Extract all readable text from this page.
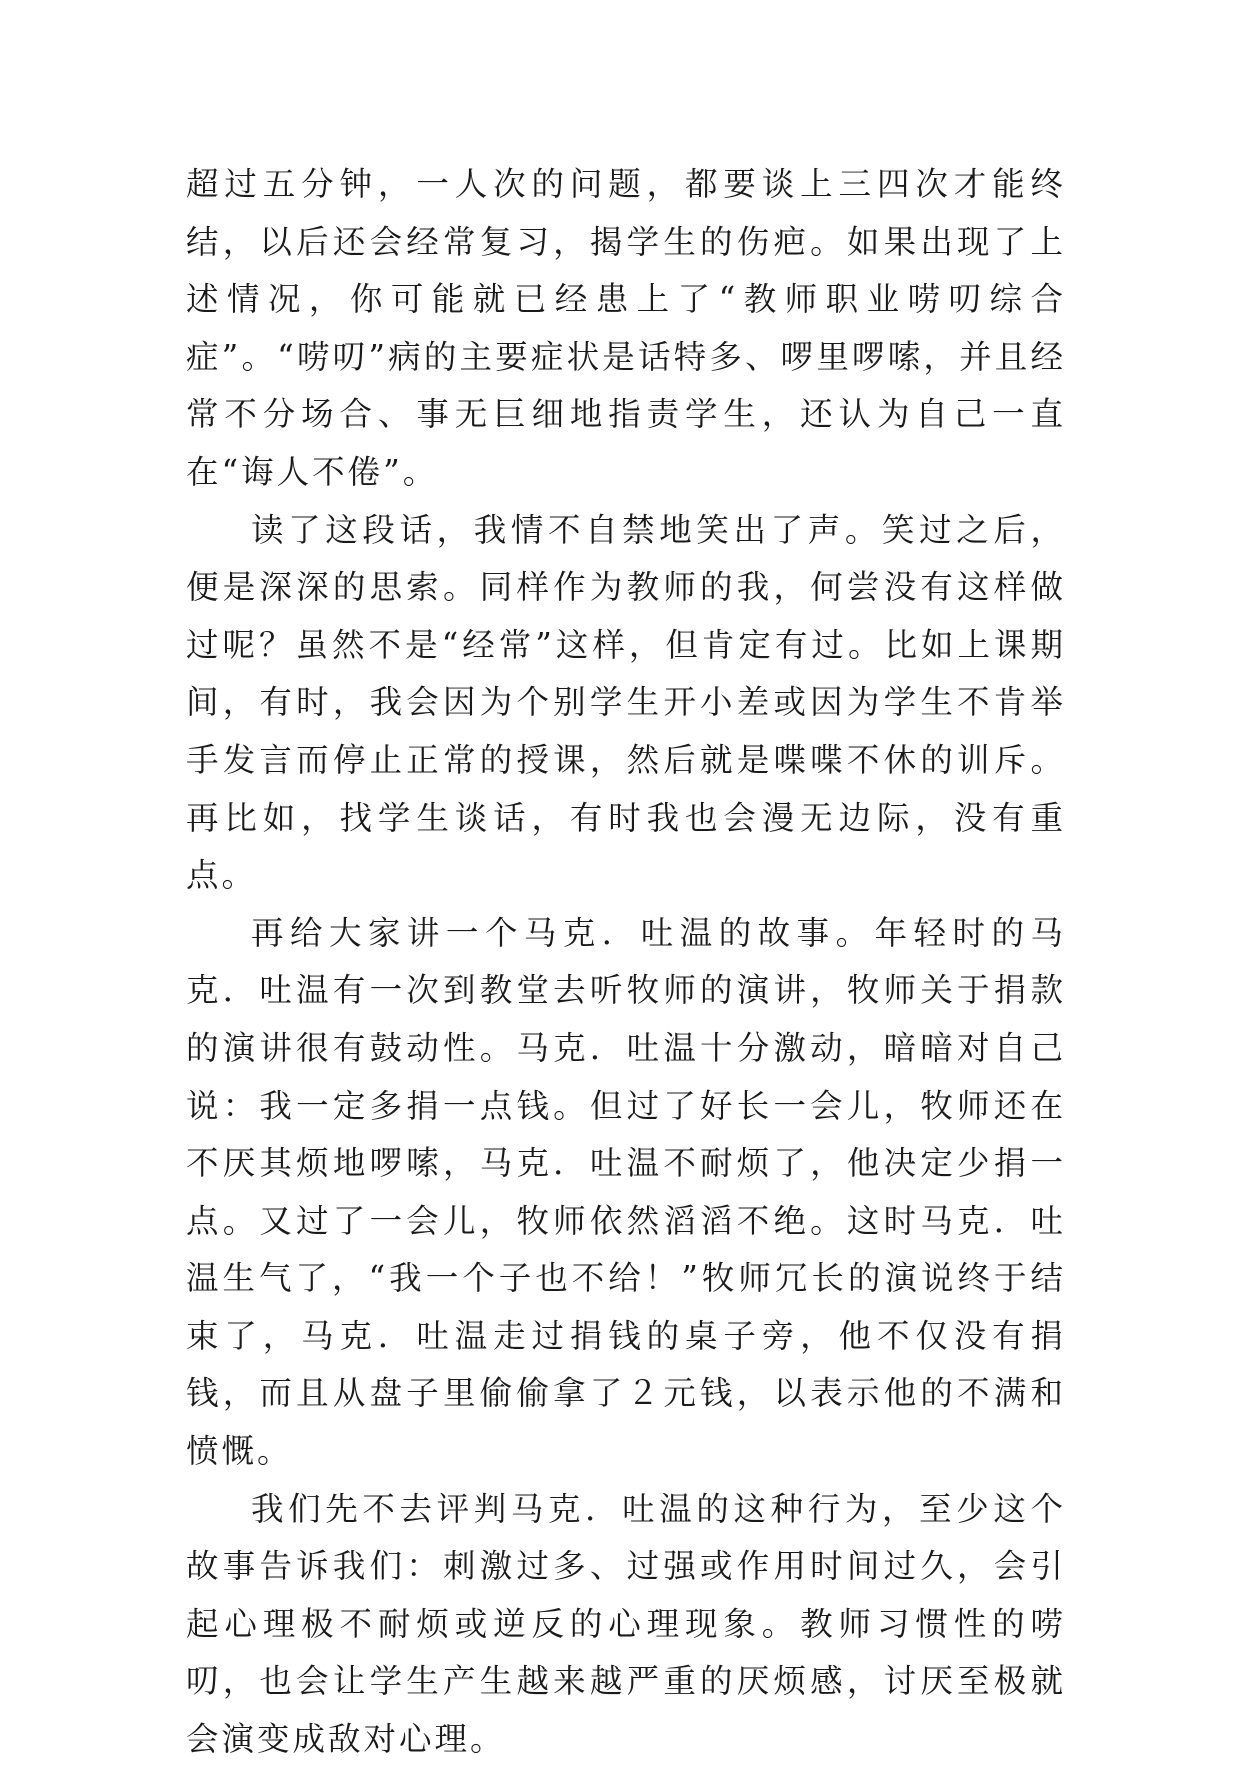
超过五分钟，一人次的问题，都要谈上三四次才能终结，以后还会经常复习，揭学生的伤疤。如果出现了上述情况，你可能就已经患上了“教师职业唠叨综合症”。“唠叨”病的主要症状是话特多、啰里啰嗦，并且经常不分场合、事无巨细地指责学生，还认为自己一直在“诲人不倦”。

读了这段话，我情不自禁地笑出了声。笑过之后，便是深深的思索。同样作为教师的我，何尝没有这样做过呢？虽然不是“经常”这样，但肯定有过。比如上课期间，有时，我会因为个别学生开小差或因为学生不肯举手发言而停止正常的授课，然后就是喋喋不休的训斥。再比如，找学生谈话，有时我也会漫无边际，没有重点。

再给大家讲一个马克．吐温的故事。年轻时的马克．吐温有一次到教堂去听牧师的演讲，牧师关于捐款的演讲很有鼓动性。马克．吐温十分激动，暗暗对自己说：我一定多捐一点钱。但过了好长一会儿，牧师还在不厌其烦地啰嗦，马克．吐温不耐烦了，他决定少捐一点。又过了一会儿，牧师依然滔滔不绝。这时马克．吐温生气了，“我一个子也不给！”牧师冗长的演说终于结束了，马克．吐温走过捐钱的桌子旁，他不仅没有捐钱，而且从盘子里偷偷拿了２元钱，以表示他的不满和愤慨。

我们先不去评判马克．吐温的这种行为，至少这个故事告诉我们：刺激过多、过强或作用时间过久，会引起心理极不耐烦或逆反的心理现象。教师习惯性的唠叨，也会让学生产生越来越严重的厌烦感，讨厌至极就会演变成敌对心理。
